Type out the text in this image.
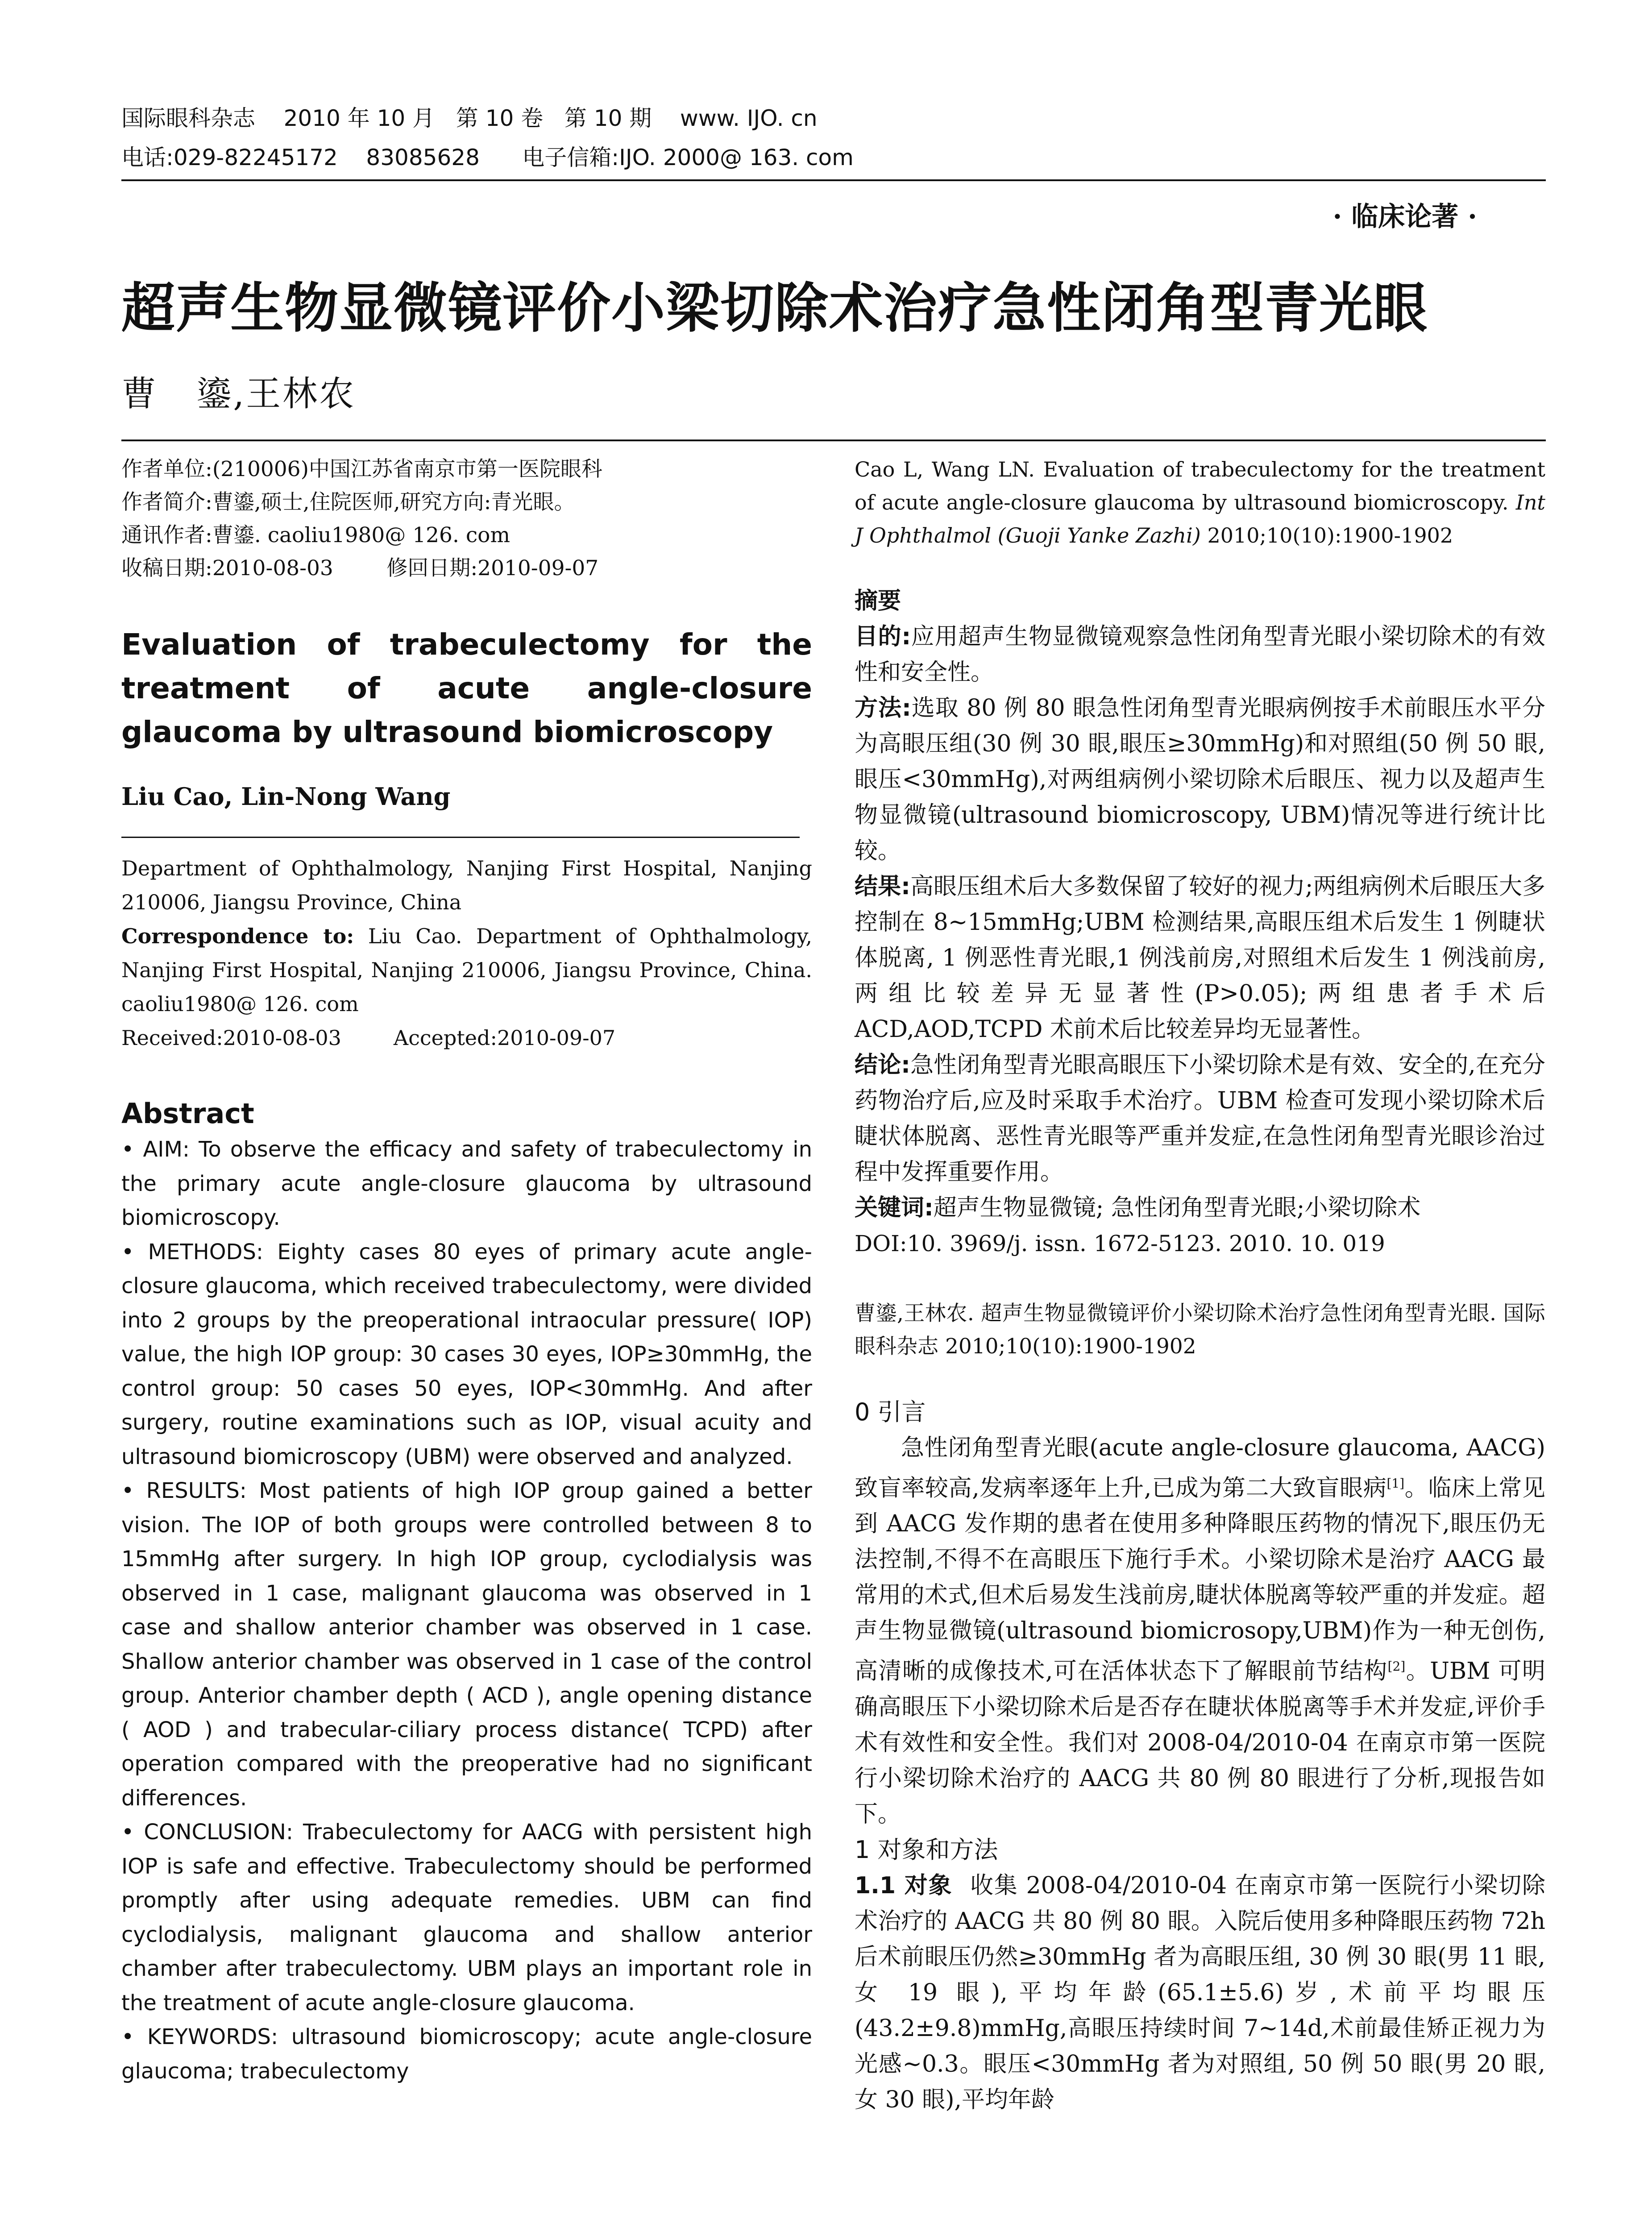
国际眼科杂志    2010 年 10 月   第 10 卷   第 10 期    www. IJO. cn
电话:029-82245172    83085628      电子信箱:IJO. 2000@ 163. com
· 临床论著 ·
超声生物显微镜评价小梁切除术治疗急性闭角型青光眼
曹   鎏,王林农
作者单位:(210006)中国江苏省南京市第一医院眼科
作者简介:曹鎏,硕士,住院医师,研究方向:青光眼。
通讯作者:曹鎏. caoliu1980@ 126. com
收稿日期:2010-08-03        修回日期:2010-09-07
Evaluation of trabeculectomy for the treatment of acute angle-closure glaucoma by ultrasound biomicroscopy
Liu Cao, Lin-Nong Wang
Department of Ophthalmology, Nanjing First Hospital, Nanjing 210006, Jiangsu Province, China
Correspondence to: Liu Cao. Department of Ophthalmology, Nanjing First Hospital, Nanjing 210006, Jiangsu Province, China. caoliu1980@ 126. com
Received:2010-08-03        Accepted:2010-09-07
Abstract

• AIM: To observe the efficacy and safety of trabeculectomy in the primary acute angle-closure glaucoma by ultrasound biomicroscopy.

• METHODS: Eighty cases 80 eyes of primary acute angle-closure glaucoma, which received trabeculectomy, were divided into 2 groups by the preoperational intraocular pressure( IOP) value, the high IOP group: 30 cases 30 eyes, IOP≥30mmHg, the control group: 50 cases 50 eyes, IOP<30mmHg. And after surgery, routine examinations such as IOP, visual acuity and ultrasound biomicroscopy (UBM) were observed and analyzed.

• RESULTS: Most patients of high IOP group gained a better vision. The IOP of both groups were controlled between 8 to 15mmHg after surgery. In high IOP group, cyclodialysis was observed in 1 case, malignant glaucoma was observed in 1 case and shallow anterior chamber was observed in 1 case. Shallow anterior chamber was observed in 1 case of the control group. Anterior chamber depth ( ACD ), angle opening distance ( AOD ) and trabecular-ciliary process distance( TCPD) after operation compared with the preoperative had no significant differences.

• CONCLUSION: Trabeculectomy for AACG with persistent high IOP is safe and effective. Trabeculectomy should be performed promptly after using adequate remedies. UBM can find cyclodialysis, malignant glaucoma and shallow anterior chamber after trabeculectomy. UBM plays an important role in the treatment of acute angle-closure glaucoma.

• KEYWORDS: ultrasound biomicroscopy; acute angle-closure glaucoma; trabeculectomy

Cao L, Wang LN. Evaluation of trabeculectomy for the treatment of acute angle-closure glaucoma by ultrasound biomicroscopy. Int J Ophthalmol (Guoji Yanke Zazhi) 2010;10(10):1900-1902
摘要

目的:应用超声生物显微镜观察急性闭角型青光眼小梁切除术的有效性和安全性。

方法:选取 80 例 80 眼急性闭角型青光眼病例按手术前眼压水平分为高眼压组(30 例 30 眼,眼压≥30mmHg)和对照组(50 例 50 眼,眼压<30mmHg),对两组病例小梁切除术后眼压、视力以及超声生物显微镜(ultrasound biomicroscopy, UBM)情况等进行统计比较。

结果:高眼压组术后大多数保留了较好的视力;两组病例术后眼压大多控制在 8~15mmHg;UBM 检测结果,高眼压组术后发生 1 例睫状体脱离, 1 例恶性青光眼,1 例浅前房,对照组术后发生 1 例浅前房,两组比较差异无显著性(P>0.05);两组患者手术后 ACD,AOD,TCPD 术前术后比较差异均无显著性。

结论:急性闭角型青光眼高眼压下小梁切除术是有效、安全的,在充分药物治疗后,应及时采取手术治疗。UBM 检查可发现小梁切除术后睫状体脱离、恶性青光眼等严重并发症,在急性闭角型青光眼诊治过程中发挥重要作用。

关键词:超声生物显微镜; 急性闭角型青光眼;小梁切除术

DOI:10. 3969/j. issn. 1672-5123. 2010. 10. 019
曹鎏,王林农. 超声生物显微镜评价小梁切除术治疗急性闭角型青光眼. 国际眼科杂志 2010;10(10):1900-1902
0 引言

急性闭角型青光眼(acute angle-closure glaucoma, AACG)致盲率较高,发病率逐年上升,已成为第二大致盲眼病[1]。临床上常见到 AACG 发作期的患者在使用多种降眼压药物的情况下,眼压仍无法控制,不得不在高眼压下施行手术。小梁切除术是治疗 AACG 最常用的术式,但术后易发生浅前房,睫状体脱离等较严重的并发症。超声生物显微镜(ultrasound biomicrosopy,UBM)作为一种无创伤,高清晰的成像技术,可在活体状态下了解眼前节结构[2]。UBM 可明确高眼压下小梁切除术后是否存在睫状体脱离等手术并发症,评价手术有效性和安全性。我们对 2008-04/2010-04 在南京市第一医院行小梁切除术治疗的 AACG 共 80 例 80 眼进行了分析,现报告如下。

1 对象和方法

1.1 对象 收集 2008-04/2010-04 在南京市第一医院行小梁切除术治疗的 AACG 共 80 例 80 眼。入院后使用多种降眼压药物 72h 后术前眼压仍然≥30mmHg 者为高眼压组, 30 例 30 眼(男 11 眼,女 19 眼),平均年龄(65.1±5.6)岁,术前平均眼压(43.2±9.8)mmHg,高眼压持续时间 7~14d,术前最佳矫正视力为光感~0.3。眼压<30mmHg 者为对照组, 50 例 50 眼(男 20 眼,女 30 眼),平均年龄
